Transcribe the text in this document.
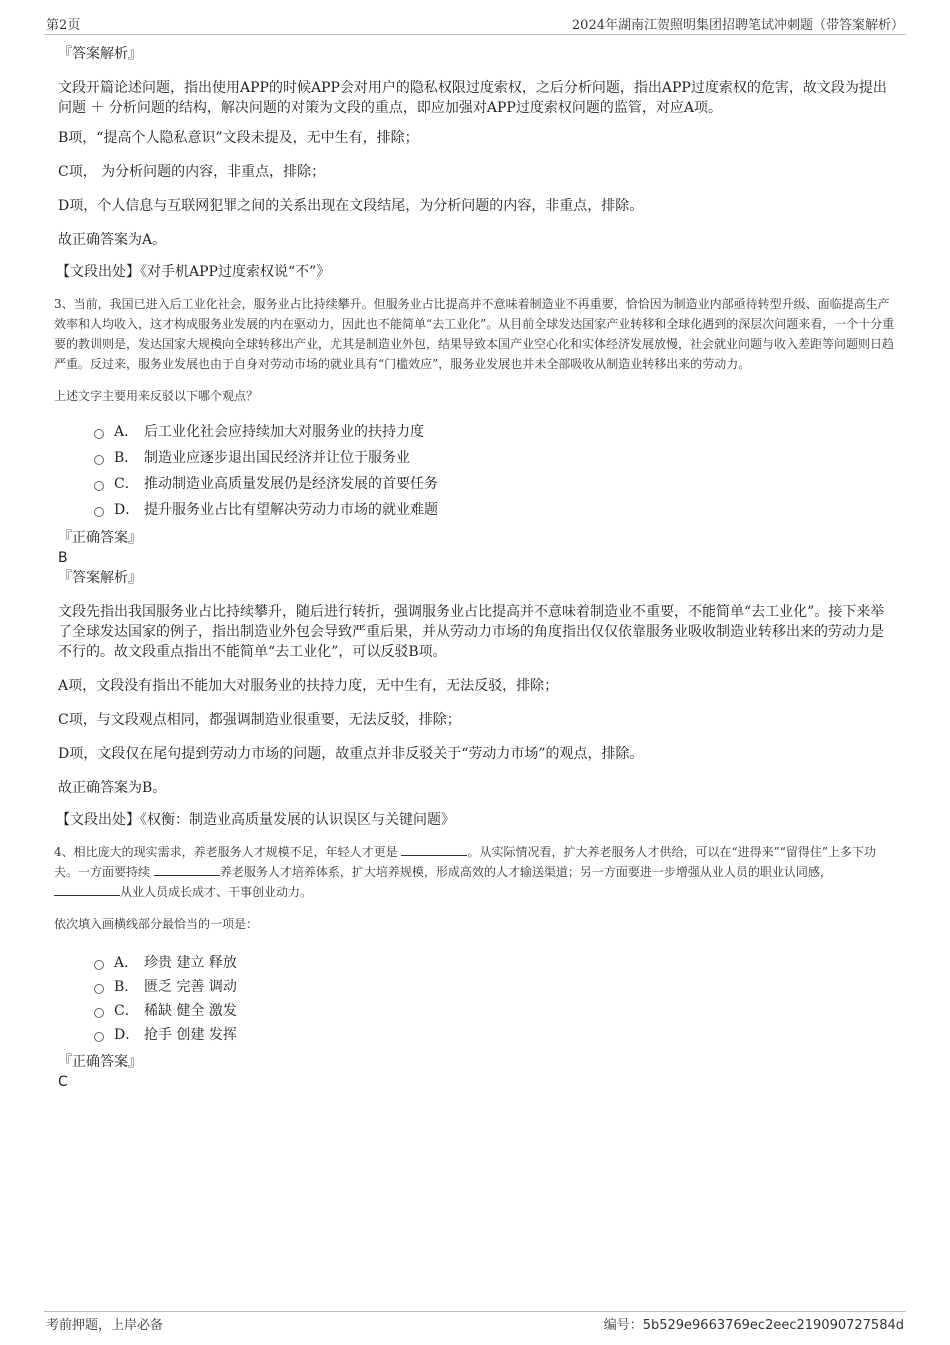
第2页	2024年湖南江贺照明集团招聘笔试冲刺题（带答案解析）
『答案解析』
文段开篇论述问题，指出使用APP的时候APP会对用户的隐私权限过度索权，之后分析问题，指出APP过度索权的危害，故文段为提出问题 ＋ 分析问题的结构，解决问题的对策为文段的重点，即应加强对APP过度索权问题的监管，对应A项。
B项，“提高个人隐私意识”文段未提及，无中生有，排除；
C项， 为分析问题的内容，非重点，排除；
D项，个人信息与互联网犯罪之间的关系出现在文段结尾，为分析问题的内容，非重点，排除。
故正确答案为A。
【文段出处】《对手机APP过度索权说“不”》
3、当前，我国已进入后工业化社会，服务业占比持续攀升。但服务业占比提高并不意味着制造业不再重要，恰恰因为制造业内部亟待转型升级、面临提高生产效率和人均收入，这才构成服务业发展的内在驱动力，因此也不能简单“去工业化”。从目前全球发达国家产业转移和全球化遇到的深层次问题来看，一个十分重要的教训则是，发达国家大规模向全球转移出产业，尤其是制造业外包，结果导致本国产业空心化和实体经济发展放慢，社会就业问题与收入差距等问题则日趋严重。反过来，服务业发展也由于自身对劳动市场的就业具有“门槛效应”，服务业发展也并未全部吸收从制造业转移出来的劳动力。
上述文字主要用来反驳以下哪个观点？
A． 后工业化社会应持续加大对服务业的扶持力度
B． 制造业应逐步退出国民经济并让位于服务业
C． 推动制造业高质量发展仍是经济发展的首要任务
D． 提升服务业占比有望解决劳动力市场的就业难题
『正确答案』
B
『答案解析』
文段先指出我国服务业占比持续攀升，随后进行转折，强调服务业占比提高并不意味着制造业不重要，不能简单“去工业化”。接下来举了全球发达国家的例子，指出制造业外包会导致严重后果，并从劳动力市场的角度指出仅仅依靠服务业吸收制造业转移出来的劳动力是不行的。故文段重点指出不能简单“去工业化”，可以反驳B项。
A项，文段没有指出不能加大对服务业的扶持力度，无中生有，无法反驳，排除；
C项，与文段观点相同，都强调制造业很重要，无法反驳，排除；
D项，文段仅在尾句提到劳动力市场的问题，故重点并非反驳关于“劳动力市场”的观点，排除。
故正确答案为B。
【文段出处】《权衡：制造业高质量发展的认识误区与关键问题》
4、相比庞大的现实需求，养老服务人才规模不足，年轻人才更是	。从实际情况看，扩大养老服务人才供给，可以在“进得来”“留得住”上多下功夫。一方面要持续	养老服务人才培养体系，扩大培养规模，形成高效的人才输送渠道；另一方面要进一步增强从业人员的职业认同感， 从业人员成长成才、干事创业动力。
依次填入画横线部分最恰当的一项是：
A． 珍贵 建立 释放
B． 匮乏 完善 调动
C． 稀缺 健全 激发
D． 抢手 创建 发挥
『正确答案』
C
考前押题，上岸必备	编号：5b529e9663769ec2eec219090727584d
